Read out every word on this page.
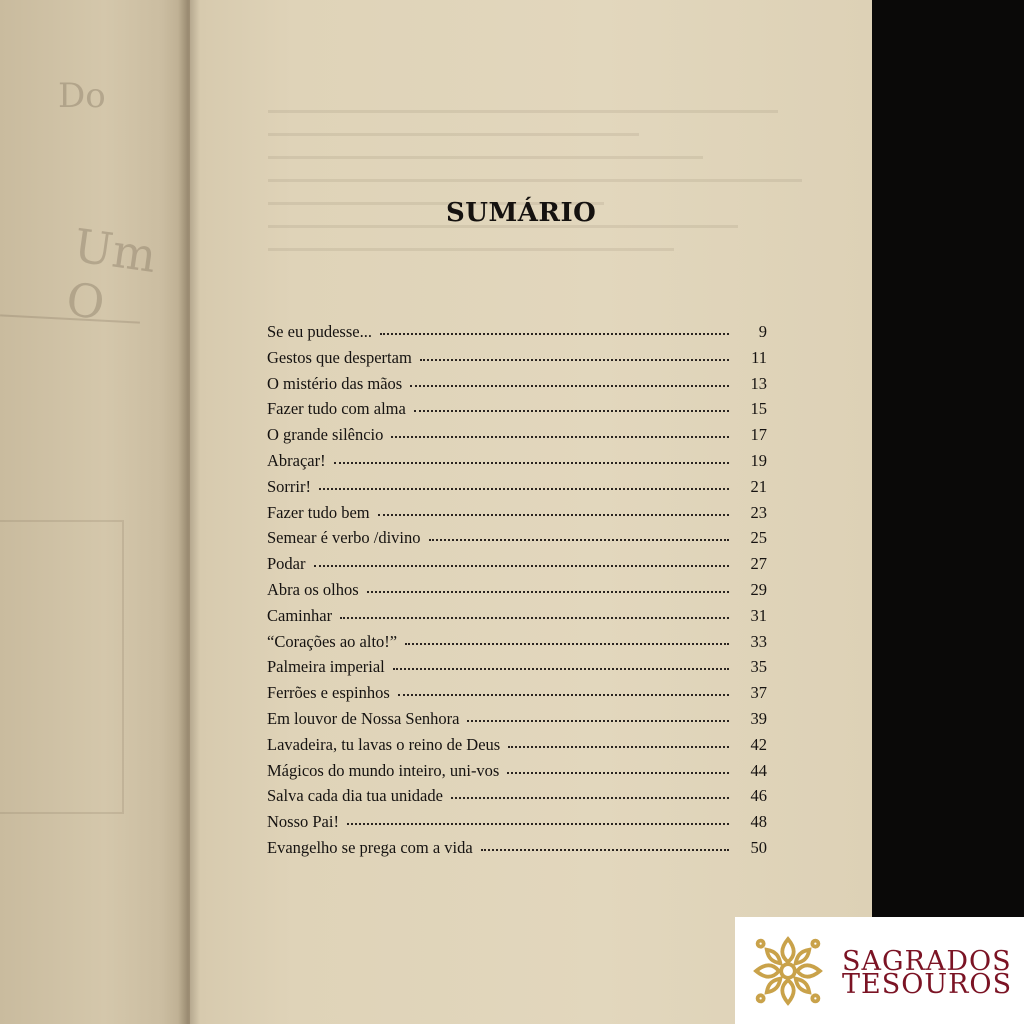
Do
Um O
SUMÁRIO
Se eu pudesse...	9
Gestos que despertam	11
O mistério das mãos	13
Fazer tudo com alma	15
O grande silêncio	17
Abraçar!	19
Sorrir!	21
Fazer tudo bem	23
Semear é verbo /divino	25
Podar	27
Abra os olhos	29
Caminhar	31
“Corações ao alto!”	33
Palmeira imperial	35
Ferrões e espinhos	37
Em louvor de Nossa Senhora	39
Lavadeira, tu lavas o reino de Deus	42
Mágicos do mundo inteiro, uni-vos	44
Salva cada dia tua unidade	46
Nosso Pai!	48
Evangelho se prega com a vida	50

SAGRADOS

TESOUROS
